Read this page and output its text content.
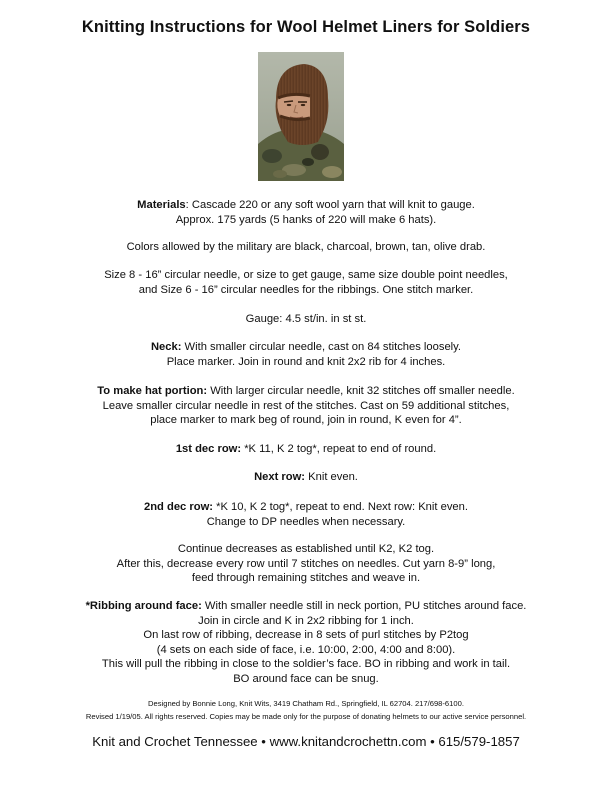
Knitting Instructions for Wool Helmet Liners for Soldiers

Materials: Cascade 220 or any soft wool yarn that will knit to gauge.

Approx. 175 yards (5 hanks of 220 will make 6 hats).

Colors allowed by the military are black, charcoal, brown, tan, olive drab.

Size 8 - 16” circular needle, or size to get gauge, same size double point needles,

and Size 6 - 16” circular needles for the ribbings. One stitch marker.

Gauge: 4.5 st/in. in st st.

Neck: With smaller circular needle, cast on 84 stitches loosely.

Place marker. Join in round and knit 2x2 rib for 4 inches.

To make hat portion: With larger circular needle, knit 32 stitches off smaller needle.

Leave smaller circular needle in rest of the stitches. Cast on 59 additional stitches,

place marker to mark beg of round, join in round, K even for 4”.

1st dec row: *K 11, K 2 tog*, repeat to end of round.

Next row: Knit even.

2nd dec row: *K 10, K 2 tog*, repeat to end. Next row: Knit even.

Change to DP needles when necessary.

Continue decreases as established until K2, K2 tog.

After this, decrease every row until 7 stitches on needles. Cut yarn 8-9” long,

feed through remaining stitches and weave in.

*Ribbing around face: With smaller needle still in neck portion, PU stitches around face.

Join in circle and K in 2x2 ribbing for 1 inch.

On last row of ribbing, decrease in 8 sets of purl stitches by P2tog

(4 sets on each side of face, i.e. 10:00, 2:00, 4:00 and 8:00).

This will pull the ribbing in close to the soldier’s face. BO in ribbing and work in tail.

BO around face can be snug.

Designed by Bonnie Long, Knit Wits, 3419 Chatham Rd., Springfield, IL 62704. 217/698-6100.

Revised 1/19/05. All rights reserved. Copies may be made only for the purpose of donating helmets to our active service personnel.

Knit and Crochet Tennessee • www.knitandcrochettn.com • 615/579-1857
